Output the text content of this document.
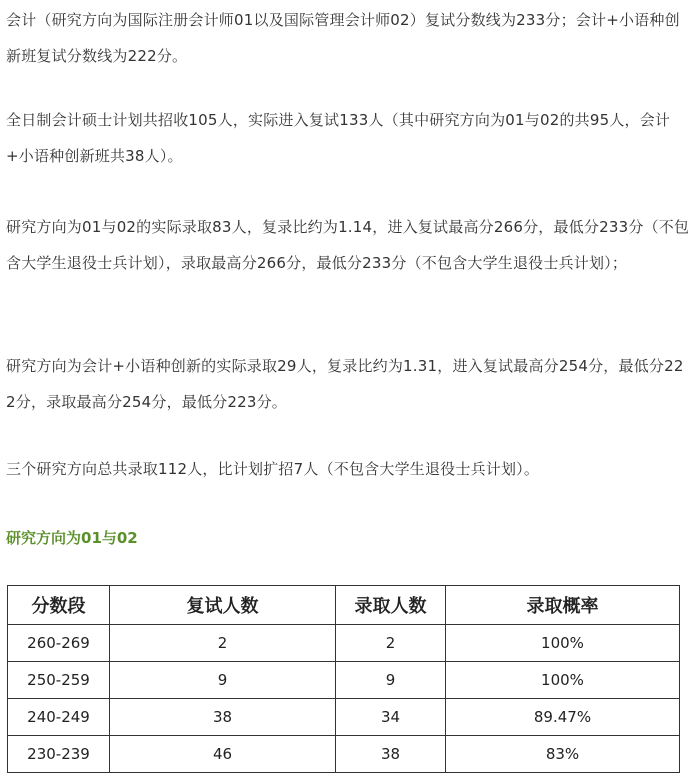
会计（研究方向为国际注册会计师01以及国际管理会计师02）复试分数线为233分；会计+小语种创新班复试分数线为222分。

全日制会计硕士计划共招收105人，实际进入复试133人（其中研究方向为01与02的共95人，会计+小语种创新班共38人）。

研究方向为01与02的实际录取83人，复录比约为1.14，进入复试最高分266分，最低分233分（不包含大学生退役士兵计划），录取最高分266分，最低分233分（不包含大学生退役士兵计划）；

研究方向为会计+小语种创新的实际录取29人，复录比约为1.31，进入复试最高分254分，最低分222分，录取最高分254分，最低分223分。

三个研究方向总共录取112人，比计划扩招7人（不包含大学生退役士兵计划）。

研究方向为01与02

分数段	复试人数	录取人数	录取概率
260-269	2	2	100%
250-259	9	9	100%
240-249	38	34	89.47%
230-239	46	38	83%
